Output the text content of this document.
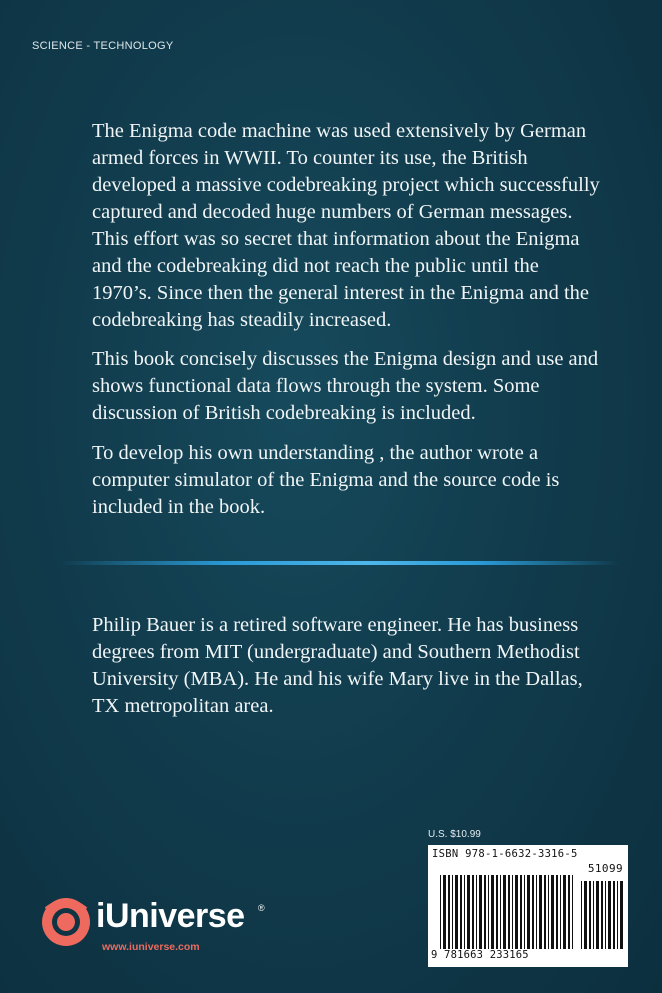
SCIENCE - TECHNOLOGY

The Enigma code machine was used extensively by German armed forces in WWII. To counter its use, the British developed a massive codebreaking project which successfully captured and decoded huge numbers of German messages. This effort was so secret that information about the Enigma and the codebreaking did not reach the public until the 1970’s. Since then the general interest in the Enigma and the codebreaking has steadily increased.

This book concisely discusses the Enigma design and use and shows functional data flows through the system. Some discussion of British codebreaking is included.

To develop his own understanding , the author wrote a computer simulator of the Enigma and the source code is included in the book.

Philip Bauer is a retired software engineer. He has business degrees from MIT (undergraduate) and Southern Methodist University (MBA). He and his wife Mary live in the Dallas, TX metropolitan area.

U.S. $10.99
ISBN 978-1-6632-3316-5
51099
9 781663 233165
iUniverse ®
www.iuniverse.com
